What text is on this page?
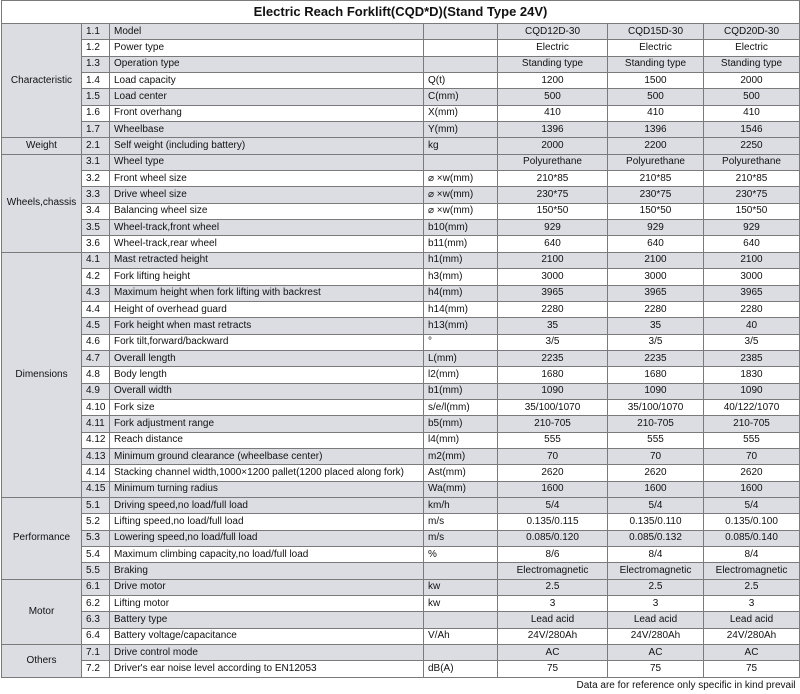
Electric Reach Forklift(CQD*D)(Stand Type 24V)						
Characteristic	1.1	Model		CQD12D-30	CQD15D-30	CQD20D-30
	1.2	Power type		Electric	Electric	Electric
	1.3	Operation type		Standing type	Standing type	Standing type
	1.4	Load capacity	Q(t)	1200	1500	2000
	1.5	Load center	C(mm)	500	500	500
	1.6	Front overhang	X(mm)	410	410	410
	1.7	Wheelbase	Y(mm)	1396	1396	1546
Weight	2.1	Self weight (including battery)	kg	2000	2200	2250
Wheels,chassis	3.1	Wheel type		Polyurethane	Polyurethane	Polyurethane
	3.2	Front wheel size	⌀ ×w(mm)	210*85	210*85	210*85
	3.3	Drive wheel size	⌀ ×w(mm)	230*75	230*75	230*75
	3.4	Balancing wheel size	⌀ ×w(mm)	150*50	150*50	150*50
	3.5	Wheel-track,front wheel	b10(mm)	929	929	929
	3.6	Wheel-track,rear wheel	b11(mm)	640	640	640
Dimensions	4.1	Mast retracted height	h1(mm)	2100	2100	2100
	4.2	Fork lifting height	h3(mm)	3000	3000	3000
	4.3	Maximum height when fork lifting with backrest	h4(mm)	3965	3965	3965
	4.4	Height of overhead guard	h14(mm)	2280	2280	2280
	4.5	Fork height when mast retracts	h13(mm)	35	35	40
	4.6	Fork tilt,forward/backward	°	3/5	3/5	3/5
	4.7	Overall length	L(mm)	2235	2235	2385
	4.8	Body length	l2(mm)	1680	1680	1830
	4.9	Overall width	b1(mm)	1090	1090	1090
	4.10	Fork size	s/e/l(mm)	35/100/1070	35/100/1070	40/122/1070
	4.11	Fork adjustment range	b5(mm)	210-705	210-705	210-705
	4.12	Reach distance	l4(mm)	555	555	555
	4.13	Minimum ground clearance (wheelbase center)	m2(mm)	70	70	70
	4.14	Stacking channel width,1000×1200 pallet(1200 placed along fork)	Ast(mm)	2620	2620	2620
	4.15	Minimum turning radius	Wa(mm)	1600	1600	1600
Performance	5.1	Driving speed,no load/full load	km/h	5/4	5/4	5/4
	5.2	Lifting speed,no load/full load	m/s	0.135/0.115	0.135/0.110	0.135/0.100
	5.3	Lowering speed,no load/full load	m/s	0.085/0.120	0.085/0.132	0.085/0.140
	5.4	Maximum climbing capacity,no load/full load	%	8/6	8/4	8/4
	5.5	Braking		Electromagnetic	Electromagnetic	Electromagnetic
Motor	6.1	Drive motor	kw	2.5	2.5	2.5
	6.2	Lifting motor	kw	3	3	3
	6.3	Battery type		Lead acid	Lead acid	Lead acid
	6.4	Battery voltage/capacitance	V/Ah	24V/280Ah	24V/280Ah	24V/280Ah
Others	7.1	Drive control mode		AC	AC	AC
	7.2	Driver's ear noise level according to EN12053	dB(A)	75	75	75
Data are for reference only specific in kind prevail						
